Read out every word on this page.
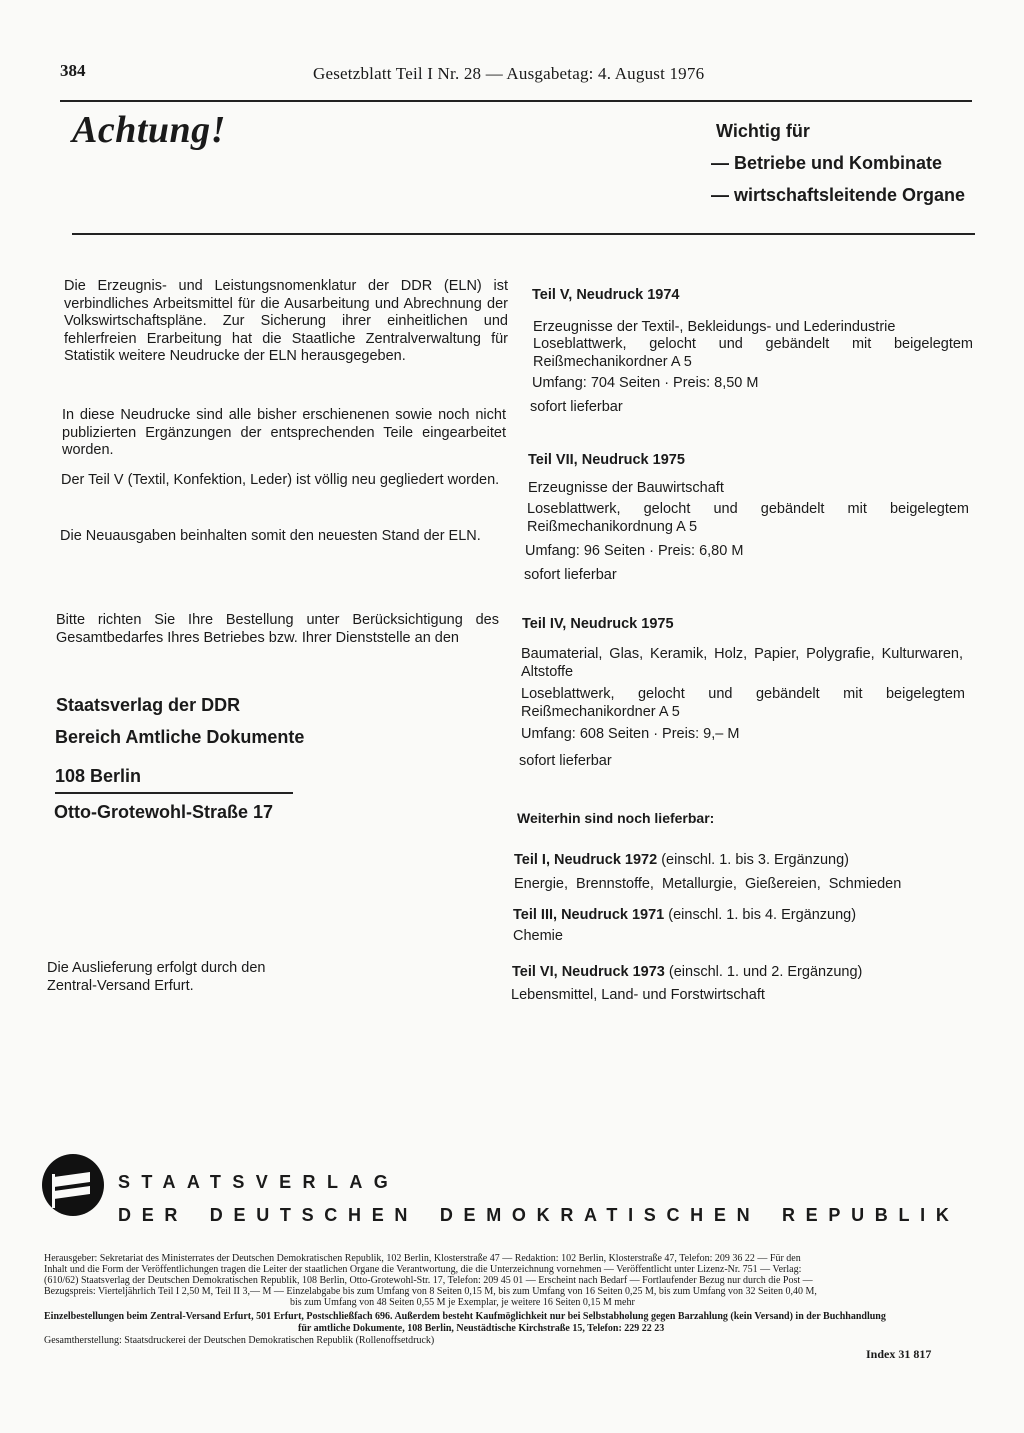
384	Gesetzblatt Teil I Nr. 28 — Ausgabetag: 4. August 1976
Achtung!	Wichtig für
— Betriebe und Kombinate
— wirtschaftsleitende Organe
Die Erzeugnis- und Leistungsnomenklatur der DDR (ELN) ist verbindliches Arbeitsmittel für die Ausarbeitung und Abrechnung der Volkswirtschaftspläne. Zur Sicherung ihrer einheitlichen und fehlerfreien Erarbeitung hat die Staatliche Zentralverwaltung für Statistik weitere Neudrucke der ELN herausgegeben.
In diese Neudrucke sind alle bisher erschienenen sowie noch nicht publizierten Ergänzungen der entsprechenden Teile eingearbeitet worden.
Der Teil V (Textil, Konfektion, Leder) ist völlig neu gegliedert worden.
Die Neuausgaben beinhalten somit den neuesten Stand der ELN.
Bitte richten Sie Ihre Bestellung unter Berücksichtigung des Gesamtbedarfes Ihres Betriebes bzw. Ihrer Dienststelle an den
Staatsverlag der DDR
Bereich Amtliche Dokumente
108 Berlin
Otto-Grotewohl-Straße 17
Die Auslieferung erfolgt durch den
Zentral-Versand Erfurt.
Teil V, Neudruck 1974
Erzeugnisse der Textil-, Bekleidungs- und Lederindustrie
Loseblattwerk, gelocht und gebändelt mit beigelegtem Reißmechanikordner A 5
Umfang: 704 Seiten · Preis: 8,50 M
sofort lieferbar
Teil VII, Neudruck 1975
Erzeugnisse der Bauwirtschaft
Loseblattwerk, gelocht und gebändelt mit beigelegtem Reißmechanikordnung A 5
Umfang: 96 Seiten · Preis: 6,80 M
sofort lieferbar
Teil IV, Neudruck 1975
Baumaterial, Glas, Keramik, Holz, Papier, Polygrafie, Kulturwaren, Altstoffe
Loseblattwerk, gelocht und gebändelt mit beigelegtem Reißmechanikordner A 5
Umfang: 608 Seiten · Preis: 9,– M
sofort lieferbar
Weiterhin sind noch lieferbar:
Teil I, Neudruck 1972 (einschl. 1. bis 3. Ergänzung)
Energie, Brennstoffe, Metallurgie, Gießereien, Schmieden
Teil III, Neudruck 1971 (einschl. 1. bis 4. Ergänzung)
Chemie
Teil VI, Neudruck 1973 (einschl. 1. und 2. Ergänzung)
Lebensmittel, Land- und Forstwirtschaft
STAATSVERLAG
DER DEUTSCHEN DEMOKRATISCHEN REPUBLIK
Herausgeber: Sekretariat des Ministerrates der Deutschen Demokratischen Republik, 102 Berlin, Klosterstraße 47 — Redaktion: 102 Berlin, Klosterstraße 47, Telefon: 209 36 22 — Für den
Inhalt und die Form der Veröffentlichungen tragen die Leiter der staatlichen Organe die Verantwortung, die die Unterzeichnung vornehmen — Veröffentlicht unter Lizenz-Nr. 751 — Verlag:
(610/62) Staatsverlag der Deutschen Demokratischen Republik, 108 Berlin, Otto-Grotewohl-Str. 17, Telefon: 209 45 01 — Erscheint nach Bedarf — Fortlaufender Bezug nur durch die Post —
Bezugspreis: Vierteljährlich Teil I 2,50 M, Teil II 3,— M — Einzelabgabe bis zum Umfang von 8 Seiten 0,15 M, bis zum Umfang von 16 Seiten 0,25 M, bis zum Umfang von 32 Seiten 0,40 M,
bis zum Umfang von 48 Seiten 0,55 M je Exemplar, je weitere 16 Seiten 0,15 M mehr
Einzelbestellungen beim Zentral-Versand Erfurt, 501 Erfurt, Postschließfach 696. Außerdem besteht Kaufmöglichkeit nur bei Selbstabholung gegen Barzahlung (kein Versand) in der Buchhandlung
für amtliche Dokumente, 108 Berlin, Neustädtische Kirchstraße 15, Telefon: 229 22 23
Gesamtherstellung: Staatsdruckerei der Deutschen Demokratischen Republik (Rollenoffsetdruck)
Index 31 817
